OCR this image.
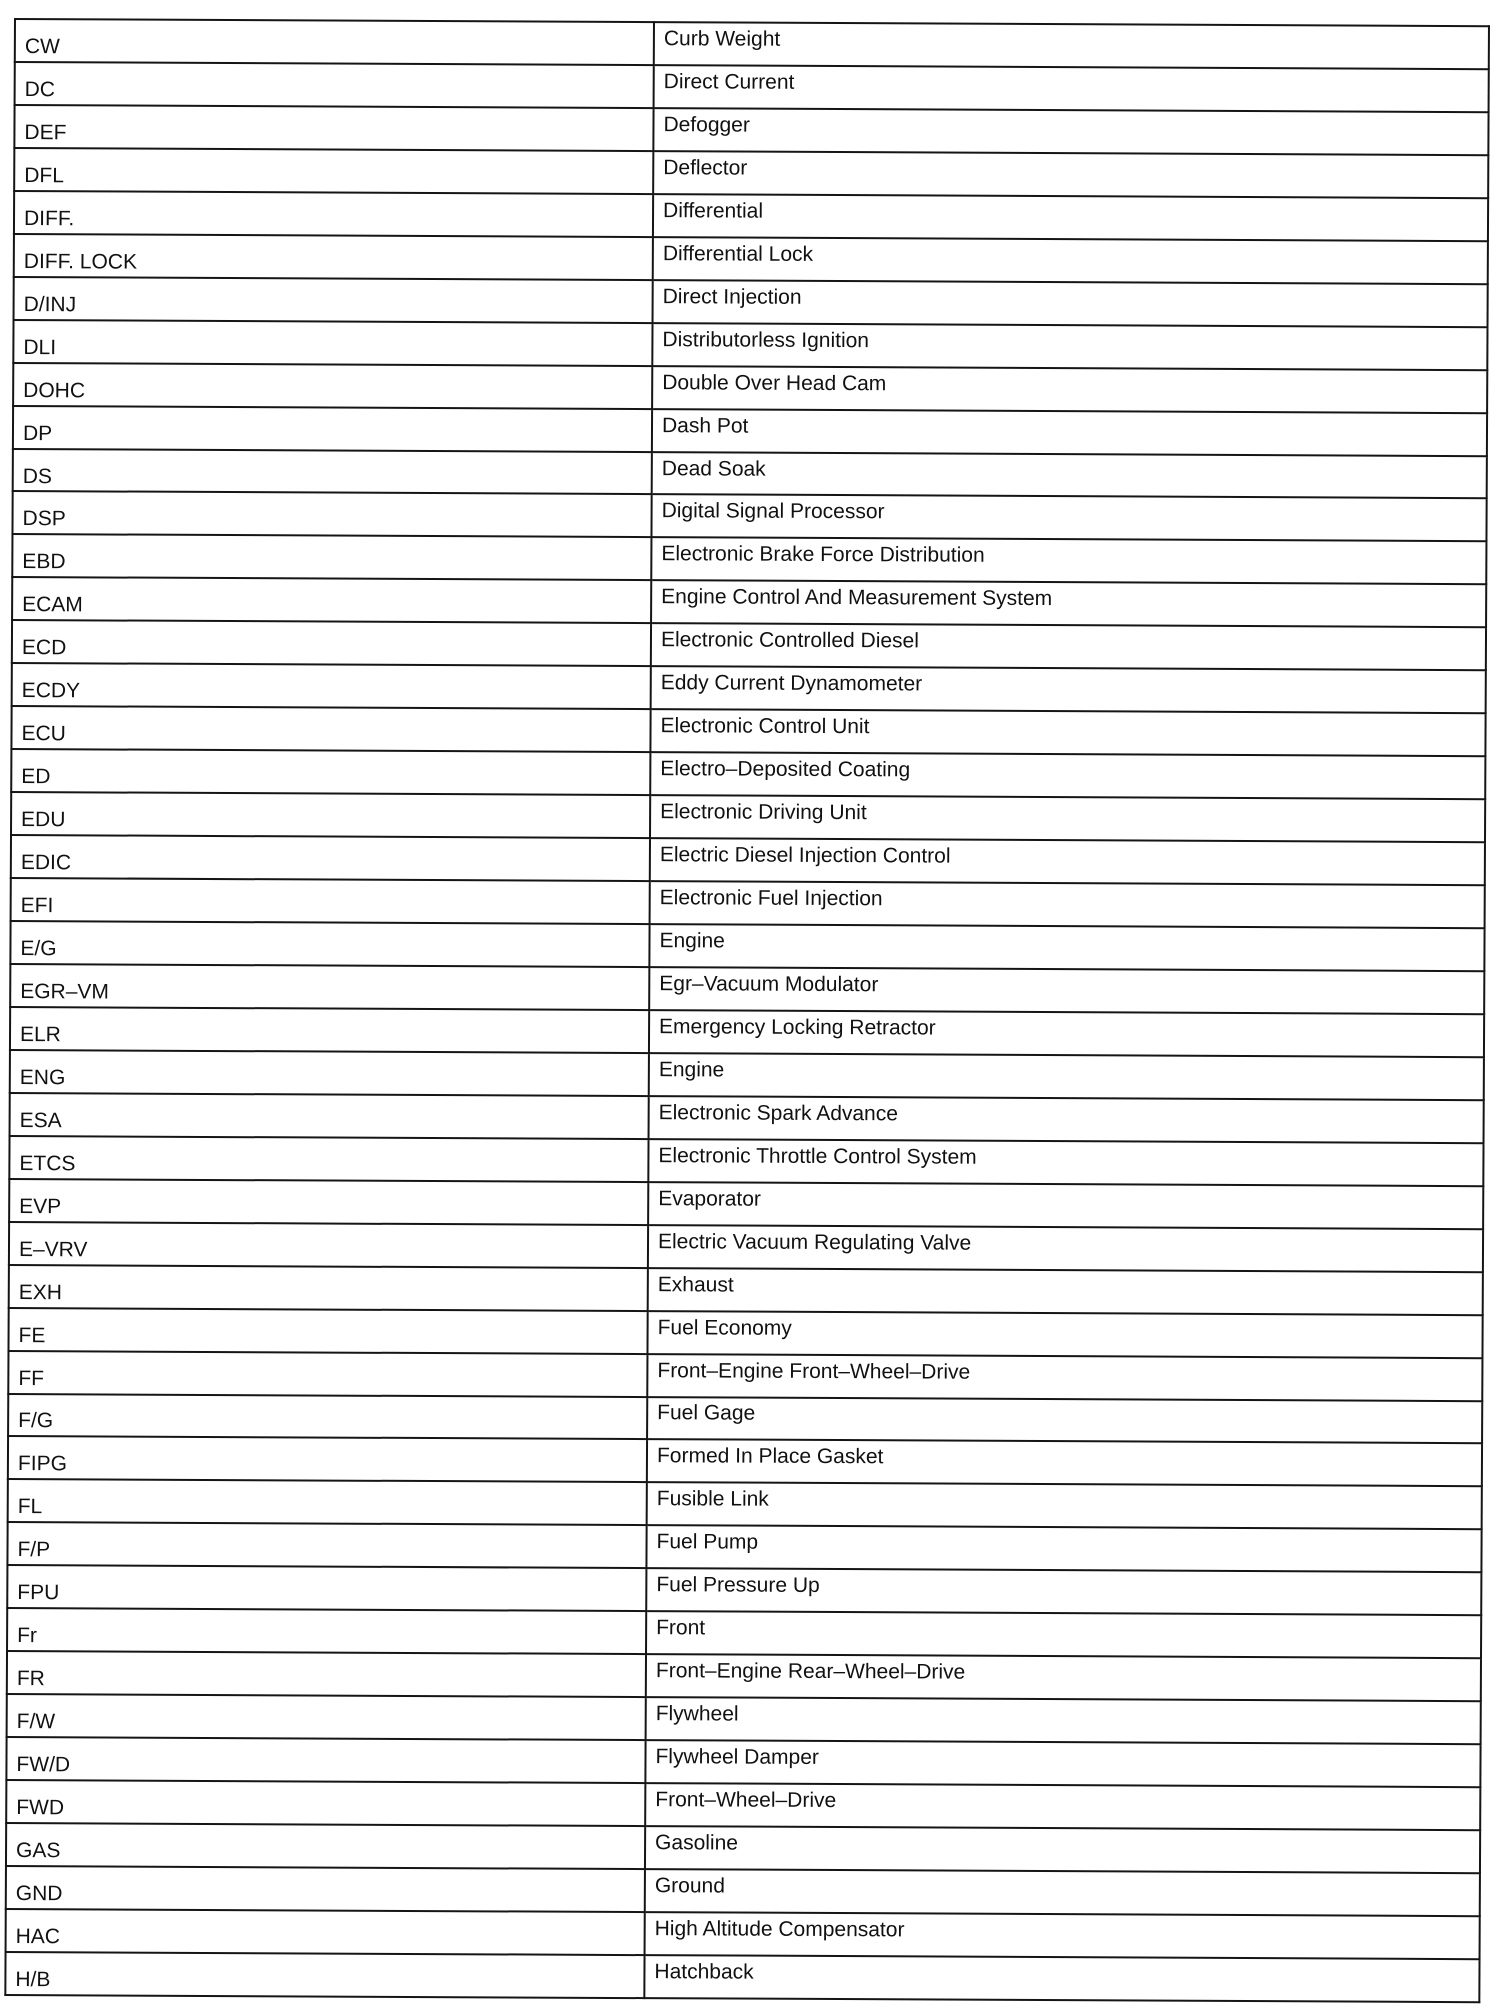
CW	Curb Weight
DC	Direct Current
DEF	Defogger
DFL	Deflector
DIFF.	Differential
DIFF. LOCK	Differential Lock
D/INJ	Direct Injection
DLI	Distributorless Ignition
DOHC	Double Over Head Cam
DP	Dash Pot
DS	Dead Soak
DSP	Digital Signal Processor
EBD	Electronic Brake Force Distribution
ECAM	Engine Control And Measurement System
ECD	Electronic Controlled Diesel
ECDY	Eddy Current Dynamometer
ECU	Electronic Control Unit
ED	Electro–Deposited Coating
EDU	Electronic Driving Unit
EDIC	Electric Diesel Injection Control
EFI	Electronic Fuel Injection
E/G	Engine
EGR–VM	Egr–Vacuum Modulator
ELR	Emergency Locking Retractor
ENG	Engine
ESA	Electronic Spark Advance
ETCS	Electronic Throttle Control System
EVP	Evaporator
E–VRV	Electric Vacuum Regulating Valve
EXH	Exhaust
FE	Fuel Economy
FF	Front–Engine Front–Wheel–Drive
F/G	Fuel Gage
FIPG	Formed In Place Gasket
FL	Fusible Link
F/P	Fuel Pump
FPU	Fuel Pressure Up
Fr	Front
FR	Front–Engine Rear–Wheel–Drive
F/W	Flywheel
FW/D	Flywheel Damper
FWD	Front–Wheel–Drive
GAS	Gasoline
GND	Ground
HAC	High Altitude Compensator
H/B	Hatchback
